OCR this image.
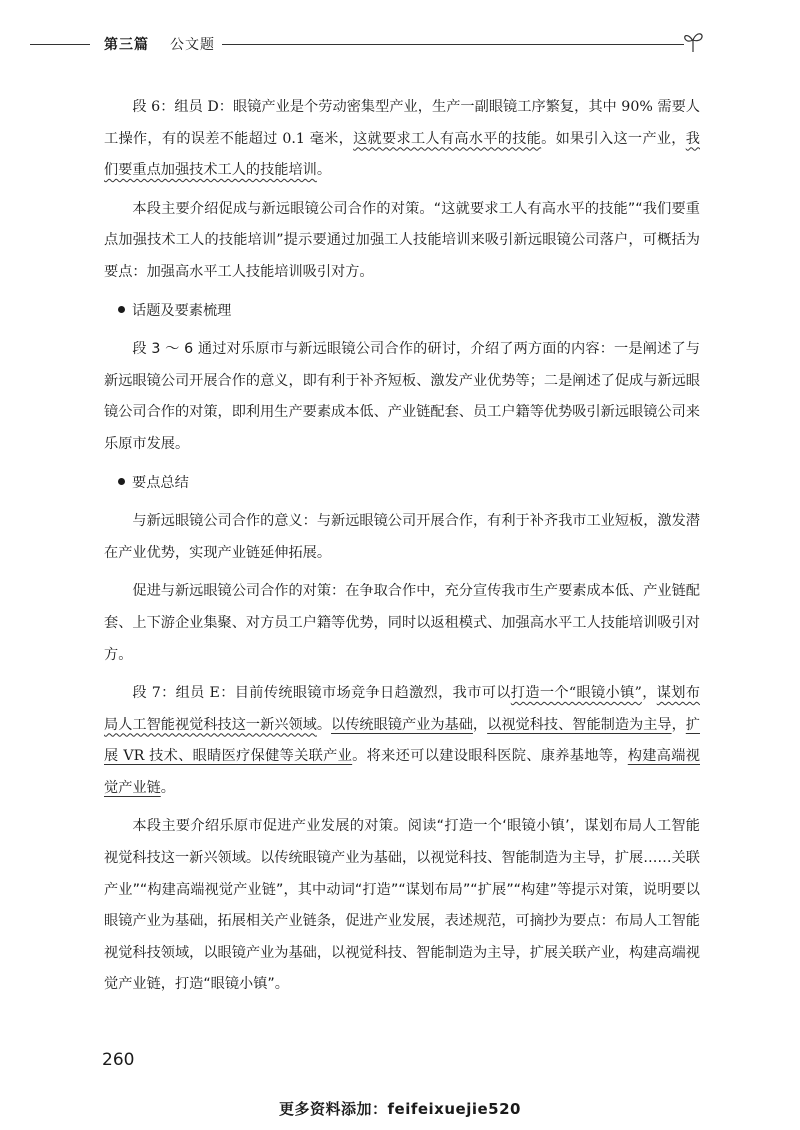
第三篇 公文题

段 6：组员 D：眼镜产业是个劳动密集型产业，生产一副眼镜工序繁复，其中 90% 需要人工操作，有的误差不能超过 0.1 毫米，这就要求工人有高水平的技能。如果引入这一产业，我们要重点加强技术工人的技能培训。

本段主要介绍促成与新远眼镜公司合作的对策。“这就要求工人有高水平的技能”“我们要重点加强技术工人的技能培训”提示要通过加强工人技能培训来吸引新远眼镜公司落户，可概括为要点：加强高水平工人技能培训吸引对方。

话题及要素梳理

段 3 ～ 6 通过对乐原市与新远眼镜公司合作的研讨，介绍了两方面的内容：一是阐述了与新远眼镜公司开展合作的意义，即有利于补齐短板、激发产业优势等；二是阐述了促成与新远眼镜公司合作的对策，即利用生产要素成本低、产业链配套、员工户籍等优势吸引新远眼镜公司来乐原市发展。

要点总结

与新远眼镜公司合作的意义：与新远眼镜公司开展合作，有利于补齐我市工业短板，激发潜在产业优势，实现产业链延伸拓展。

促进与新远眼镜公司合作的对策：在争取合作中，充分宣传我市生产要素成本低、产业链配套、上下游企业集聚、对方员工户籍等优势，同时以返租模式、加强高水平工人技能培训吸引对方。

段 7：组员 E：目前传统眼镜市场竞争日趋激烈，我市可以打造一个“眼镜小镇”，谋划布局人工智能视觉科技这一新兴领域。以传统眼镜产业为基础，以视觉科技、智能制造为主导，扩展 VR 技术、眼睛医疗保健等关联产业。将来还可以建设眼科医院、康养基地等，构建高端视觉产业链。

本段主要介绍乐原市促进产业发展的对策。阅读“打造一个‘眼镜小镇’，谋划布局人工智能视觉科技这一新兴领域。以传统眼镜产业为基础，以视觉科技、智能制造为主导，扩展……关联产业”“构建高端视觉产业链”，其中动词“打造”“谋划布局”“扩展”“构建”等提示对策，说明要以眼镜产业为基础，拓展相关产业链条，促进产业发展，表述规范，可摘抄为要点：布局人工智能视觉科技领域，以眼镜产业为基础，以视觉科技、智能制造为主导，扩展关联产业，构建高端视觉产业链，打造“眼镜小镇”。

260
更多资料添加：feifeixuejie520
